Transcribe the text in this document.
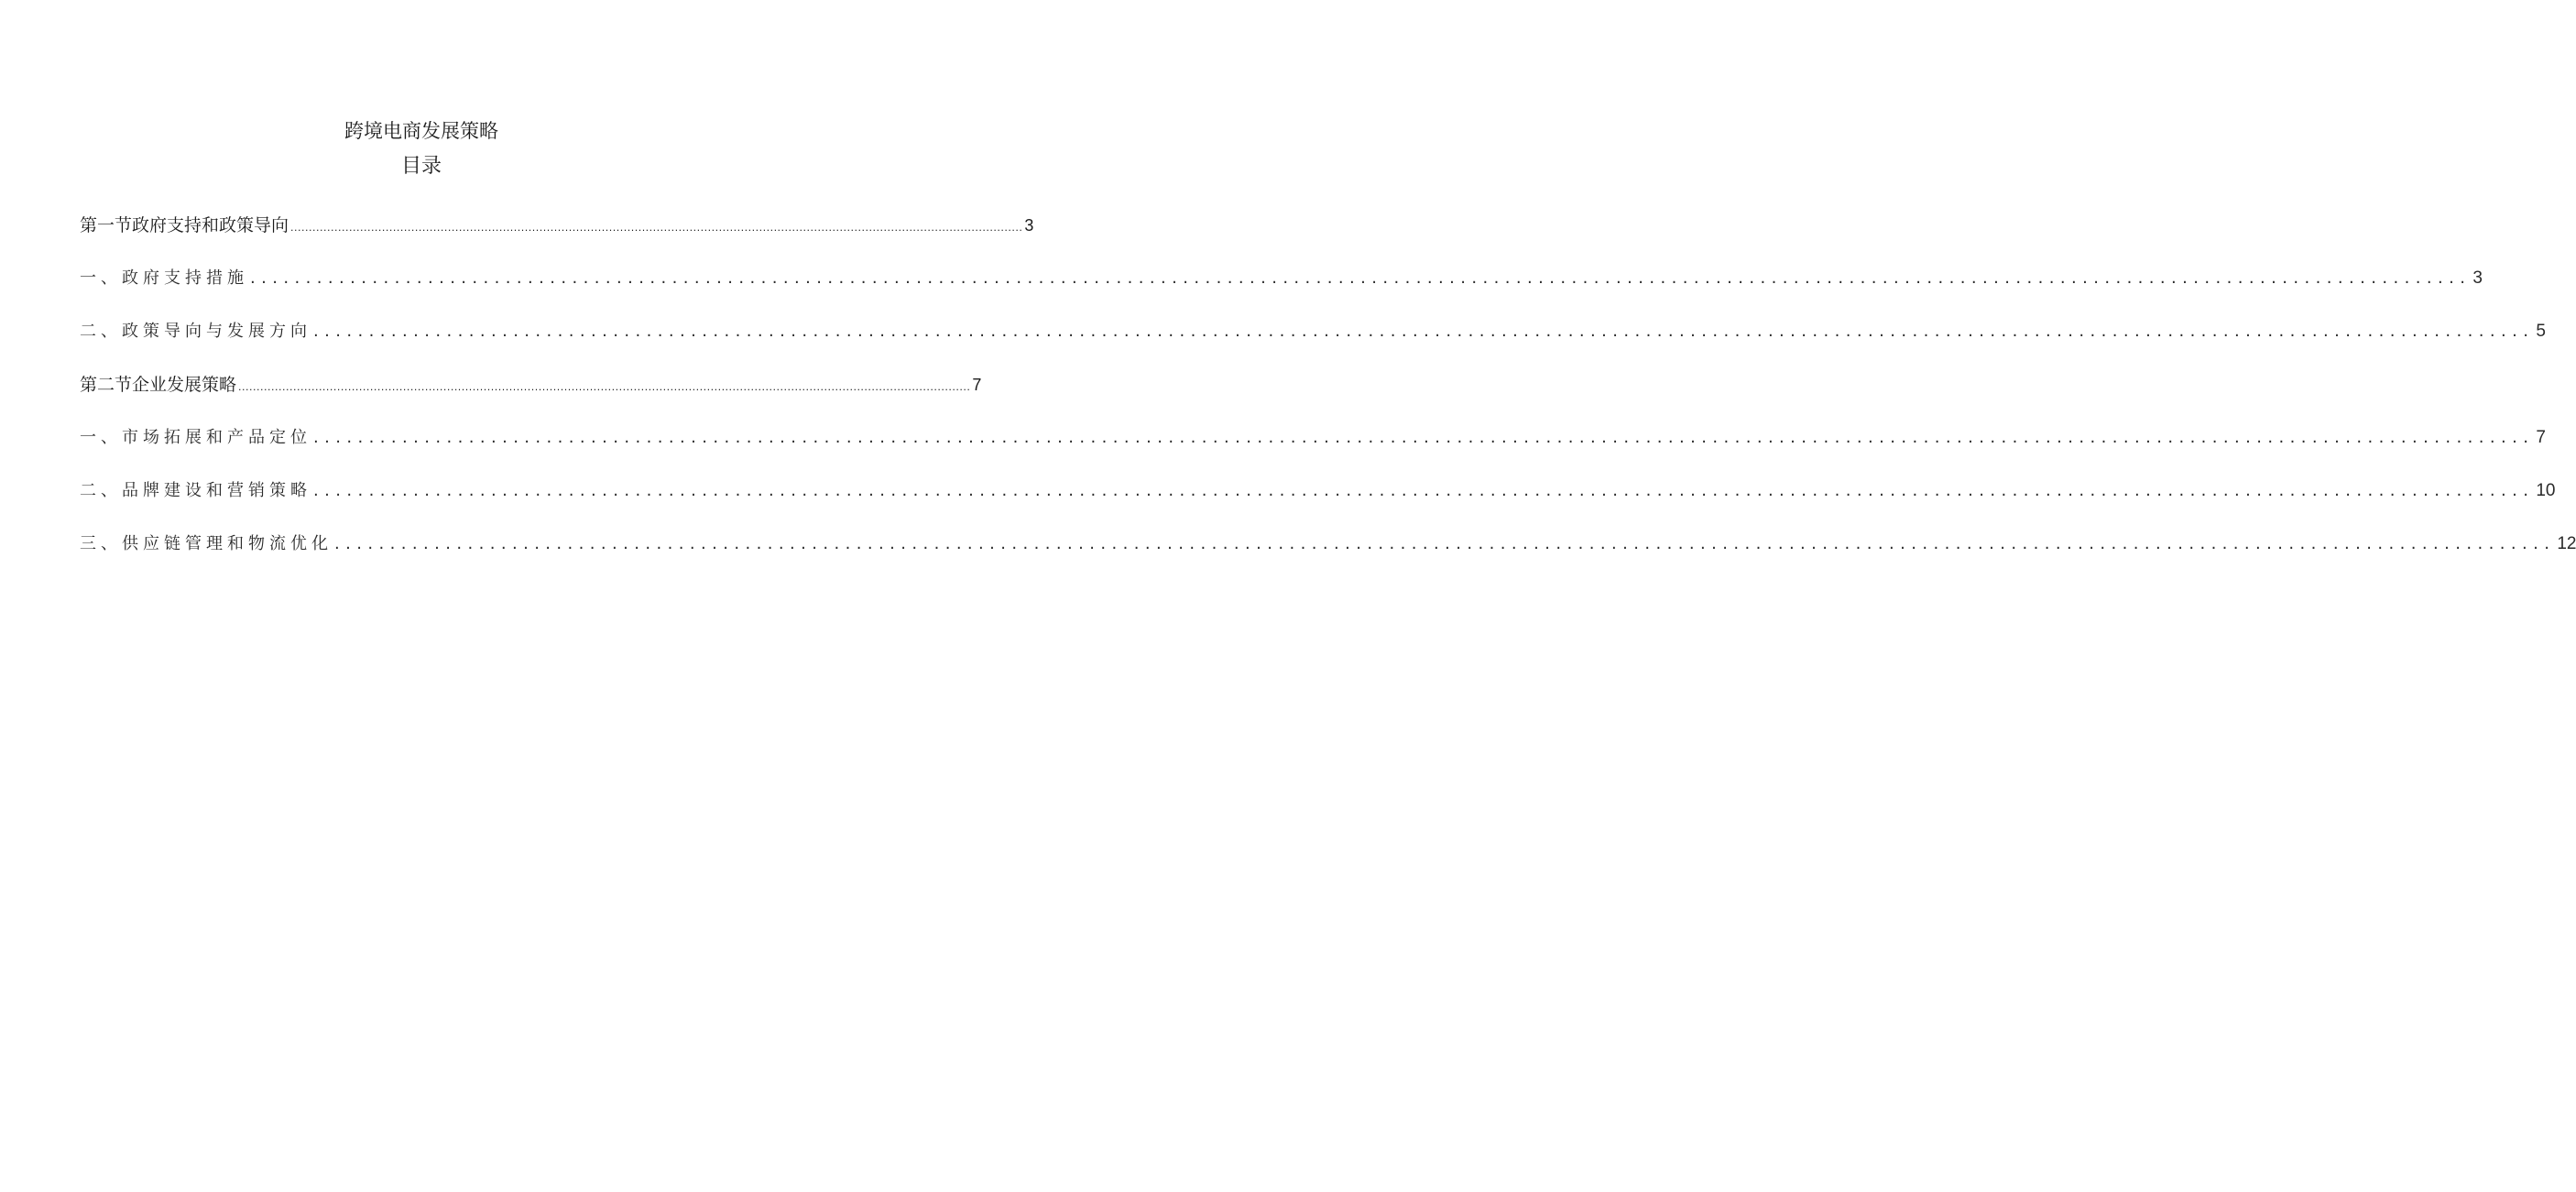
跨境电商发展策略
目录
第一节政府支持和政策导向 ........................................................................................................................................................................................................ 3
一、政府支持措施 ........................................................................................................................................................................................................ 3
二、政策导向与发展方向 ........................................................................................................................................................................................................ 5
第二节企业发展策略 ........................................................................................................................................................................................................ 7
一、市场拓展和产品定位 ........................................................................................................................................................................................................ 7
二、品牌建设和营销策略 ........................................................................................................................................................................................................ 10
三、供应链管理和物流优化 ........................................................................................................................................................................................................ 12
